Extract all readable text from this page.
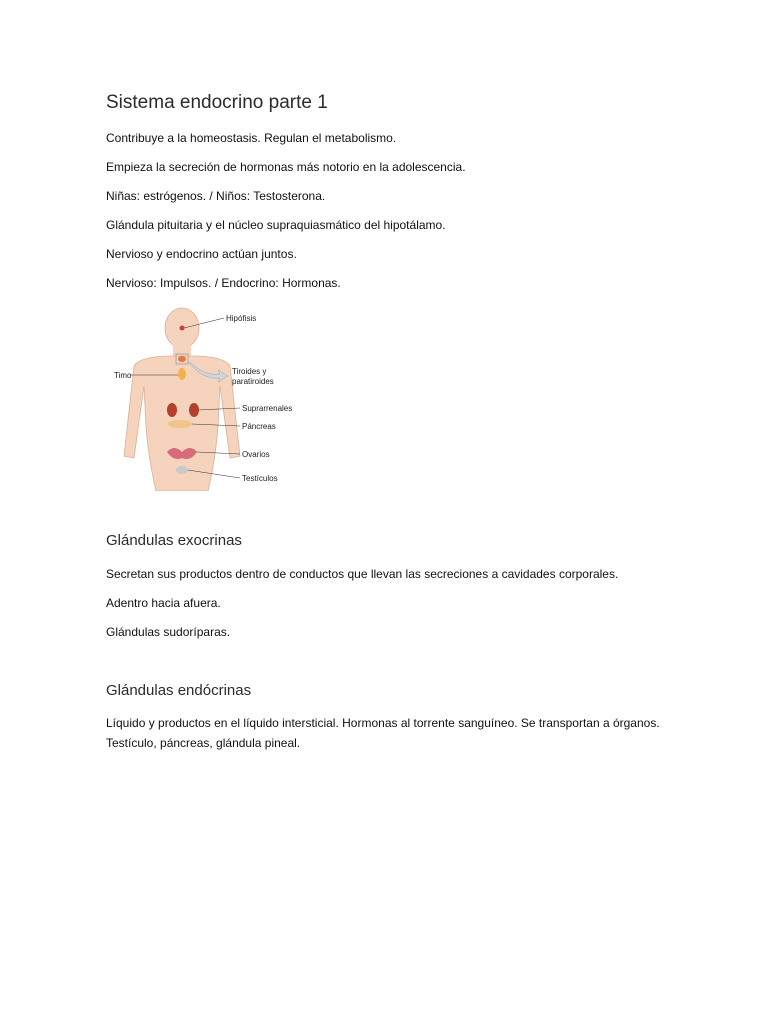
Sistema endocrino parte 1

Contribuye a la homeostasis. Regulan el metabolismo.

Empieza la secreción de hormonas más notorio en la adolescencia.

Niñas: estrógenos. / Niños: Testosterona.

Glándula pituitaria y el núcleo supraquiasmático del hipotálamo.

Nervioso y endocrino actúan juntos.

Nervioso: Impulsos. / Endocrino: Hormonas.

Hipófisis
Timo	Tiroides y
paratiroides
Suprarrenales
Páncreas
Ovarios
Testículos
Glándulas exocrinas

Secretan sus productos dentro de conductos que llevan las secreciones a cavidades corporales.

Adentro hacia afuera.

Glándulas sudoríparas.

Glándulas endócrinas

Líquido y productos en el líquido intersticial. Hormonas al torrente sanguíneo. Se transportan a órganos. Testículo, páncreas, glándula pineal.
